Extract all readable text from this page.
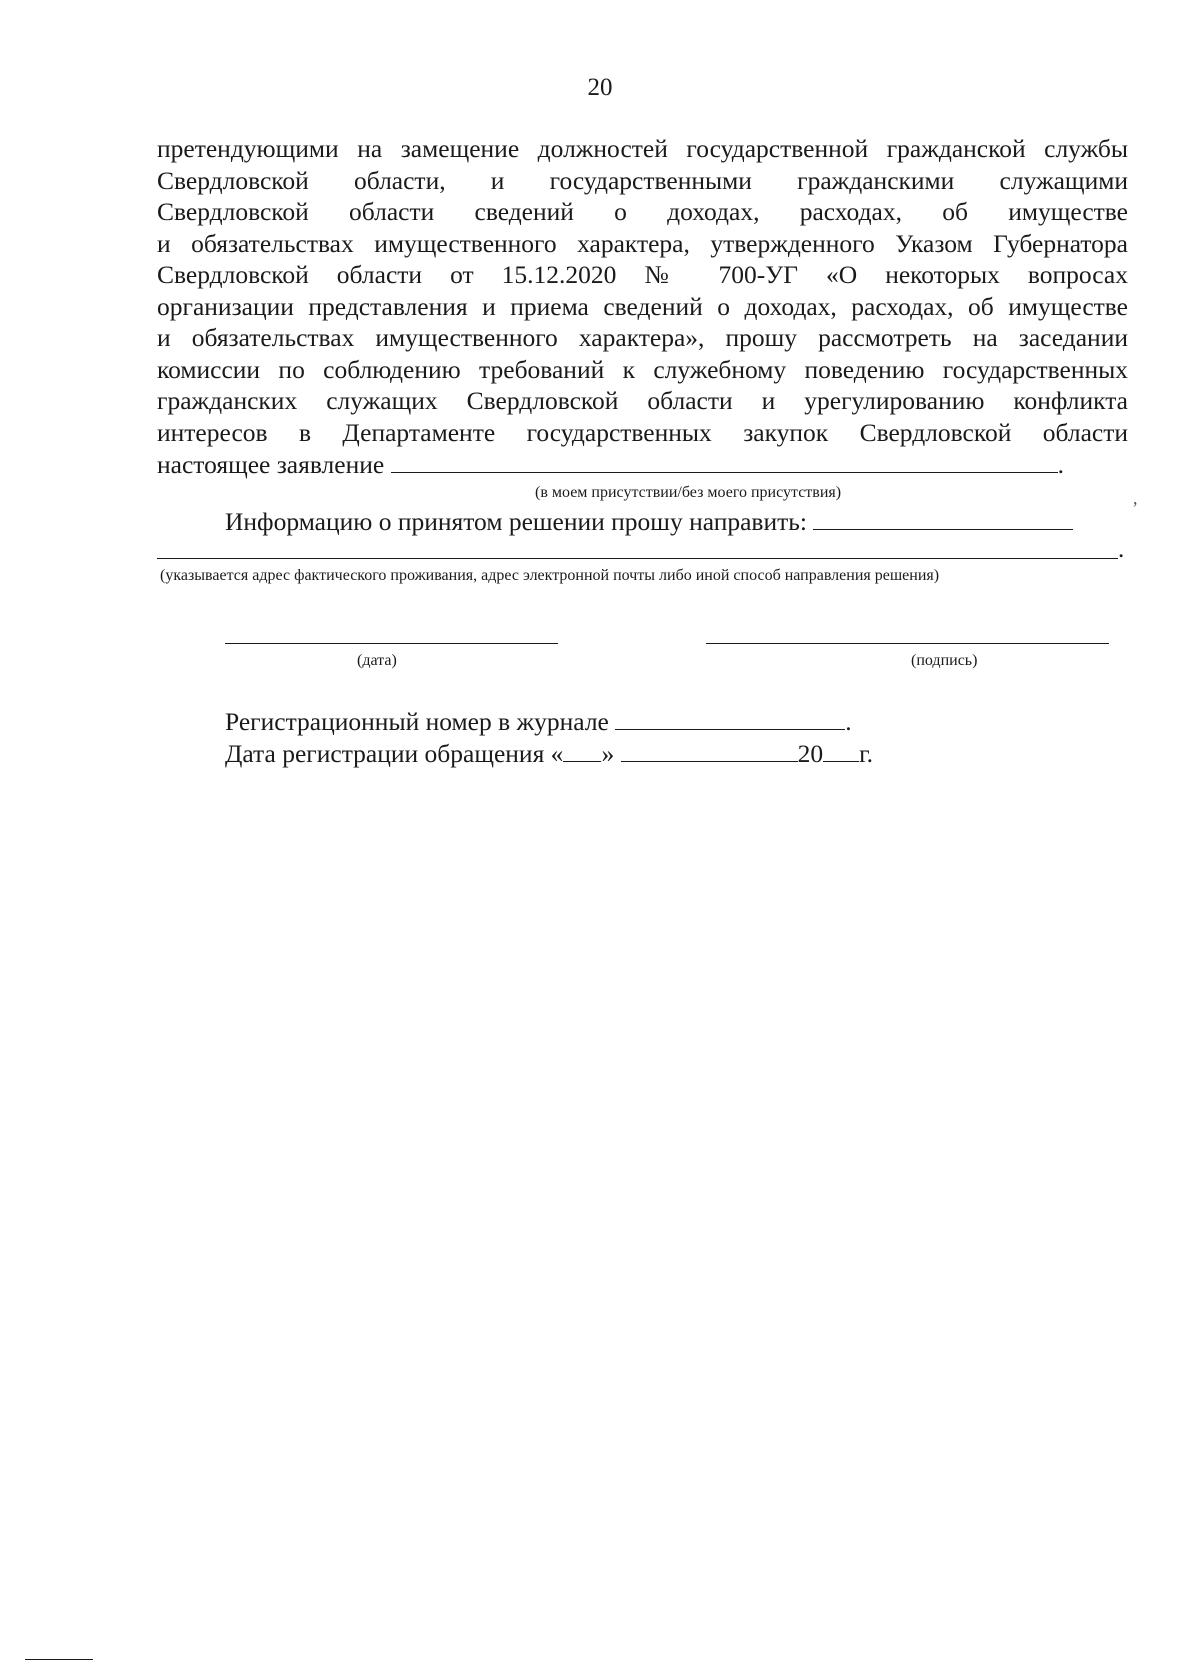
20
претендующими на замещение должностей государственной гражданской службы
Свердловской области, и государственными гражданскими служащими
Свердловской области сведений о доходах, расходах, об имуществе
и обязательствах имущественного характера, утвержденного Указом Губернатора
Свердловской области от 15.12.2020 № 700-УГ «О некоторых вопросах
организации представления и приема сведений о доходах, расходах, об имуществе
и обязательствах имущественного характера», прошу рассмотреть на заседании
комиссии по соблюдению требований к служебному поведению государственных
гражданских служащих Свердловской области и урегулированию конфликта
интересов в Департаменте государственных закупок Свердловской области
настоящее заявление	.
(в моем присутствии/без моего присутствия)	,
Информацию о принятом решении прошу направить:
.
(указывается адрес фактического проживания, адрес электронной почты либо иной способ направления решения)
(дата)	(подпись)
Регистрационный номер в журнале	.
Дата регистрации обращения « »	20 г.
